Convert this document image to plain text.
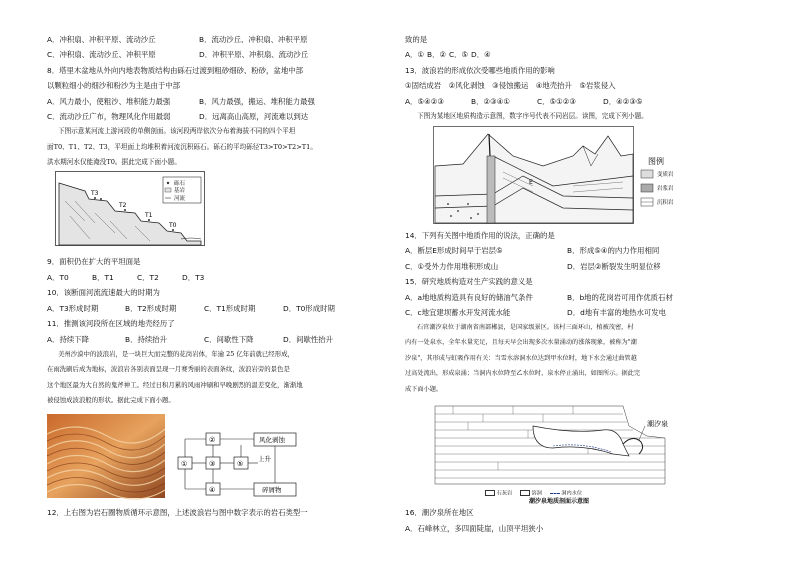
A．冲积扇、冲积平原、流动沙丘	B．流动沙丘、冲积扇、冲积平原
C．冲积扇、流动沙丘、冲积平原	D．冲积平原、冲积扇、流动沙丘
8．塔里木盆地从外向内地表物质结构由砾石过渡到粗砂细砂、粉砂，盆地中部
以颗粒细小的细沙和粉沙为主是由于中部
A．风力最小，使粗沙、堆积能力最强	B．风力最强，搬运、堆积能力最强
C．流动沙丘广布，物理风化作用最弱	D．远离高山高原，河流难以到达
下图示意某河流上游河段的单侧剖面。该河段两岸依次分布着海拔不同的四个平坦
面T0、T1、T2、T3，平坦面上均堆积着河流沉积砾石。砾石的平均砾径T3>T0>T2>T1。
洪水期河水仅能淹没T0。据此完成下面小题。
T3
T2
T1
T0
砾石
基岩
河流
9．面积仍在扩大的平坦面是
A．T0	B．T1	C．T2	D．T3
10．该断面河流流速最大的时期为
A．T3形成时期	B．T2形成时期	C．T1形成时期	D．T0形成时期
11．推测该河段所在区域的地壳经历了
A．持续下降	B．持续抬升	C．间歇性下降	D．间歇性抬升
美州沙漠中的波浪岩，是一块巨大而完整的花岗岩体，年逾 25 亿年前就已经形成，
在雨洗刷后成为地标，波浪岩各别表面呈现一月赛秀丽的表面条纹，波浪岩旁的景色是
这个地区最为大自然的鬼斧神工。经过日积月累的风雨冲刷和早晚剧烈的温差变化，渐渐地
被侵蚀成波浪般的形状。据此完成下面小题。
②
③
①	⑤
④
风化剥蚀
上升
碎屑物
12．上右图为岩石圈物质循环示意图，上述波浪岩与图中数字表示的岩石类型一
致的是
A．① B．② C．⑤ D．④
13．波浪岩的形成依次受哪些地质作用的影响
①固结成岩　②风化剥蚀　③侵蚀搬运　④地壳抬升　⑤岩浆侵入
A．⑤④②③	B．②③④①	C．⑤①②③	D．④②③⑤
下图为某地区地质构造示意图，数字序号代表不同岩层。读图，完成下列小题。
E
图例
变质岩
岩浆岩
沉积岩
14．下列有关图中地质作用的说法，正确的是
A．断层E形成时间早于岩层⑤	B．形成⑤④的内力作用相同
C．①受外力作用堆积形成山	D．岩层②断裂发生明显位移
15．研究地质构造对生产实践的意义是
A．a地地质构造具有良好的储油气条件	B．b地的花岗岩可用作优质石材
C．c地宜建坝蓄水开发河流水能	D．d地有丰富的地热水可发电
石官潮汐泉位于湖南省南部郴县，是国家级景区。该村三面环山，植被茂密，村
内有一处泉水，全年水量充足，且每天早会出现多次水量涌动的涨落现象，被称为"潮
汐泉"，其形成与虹吸作用有关：当雪水溶洞水位达到甲水位时，地下水会通过曲管越
过高处流出，形成泉涌；当洞内水位降至乙水位时，泉水停止涌出，如图所示。据此完
成下面小题。
潮汐泉
石灰岩	溶洞	洞内水位
潮汐泉地质剖面示意图
16．潮汐泉所在地区
A．石峰林立，多四面陡崖，山顶平坦狭小
